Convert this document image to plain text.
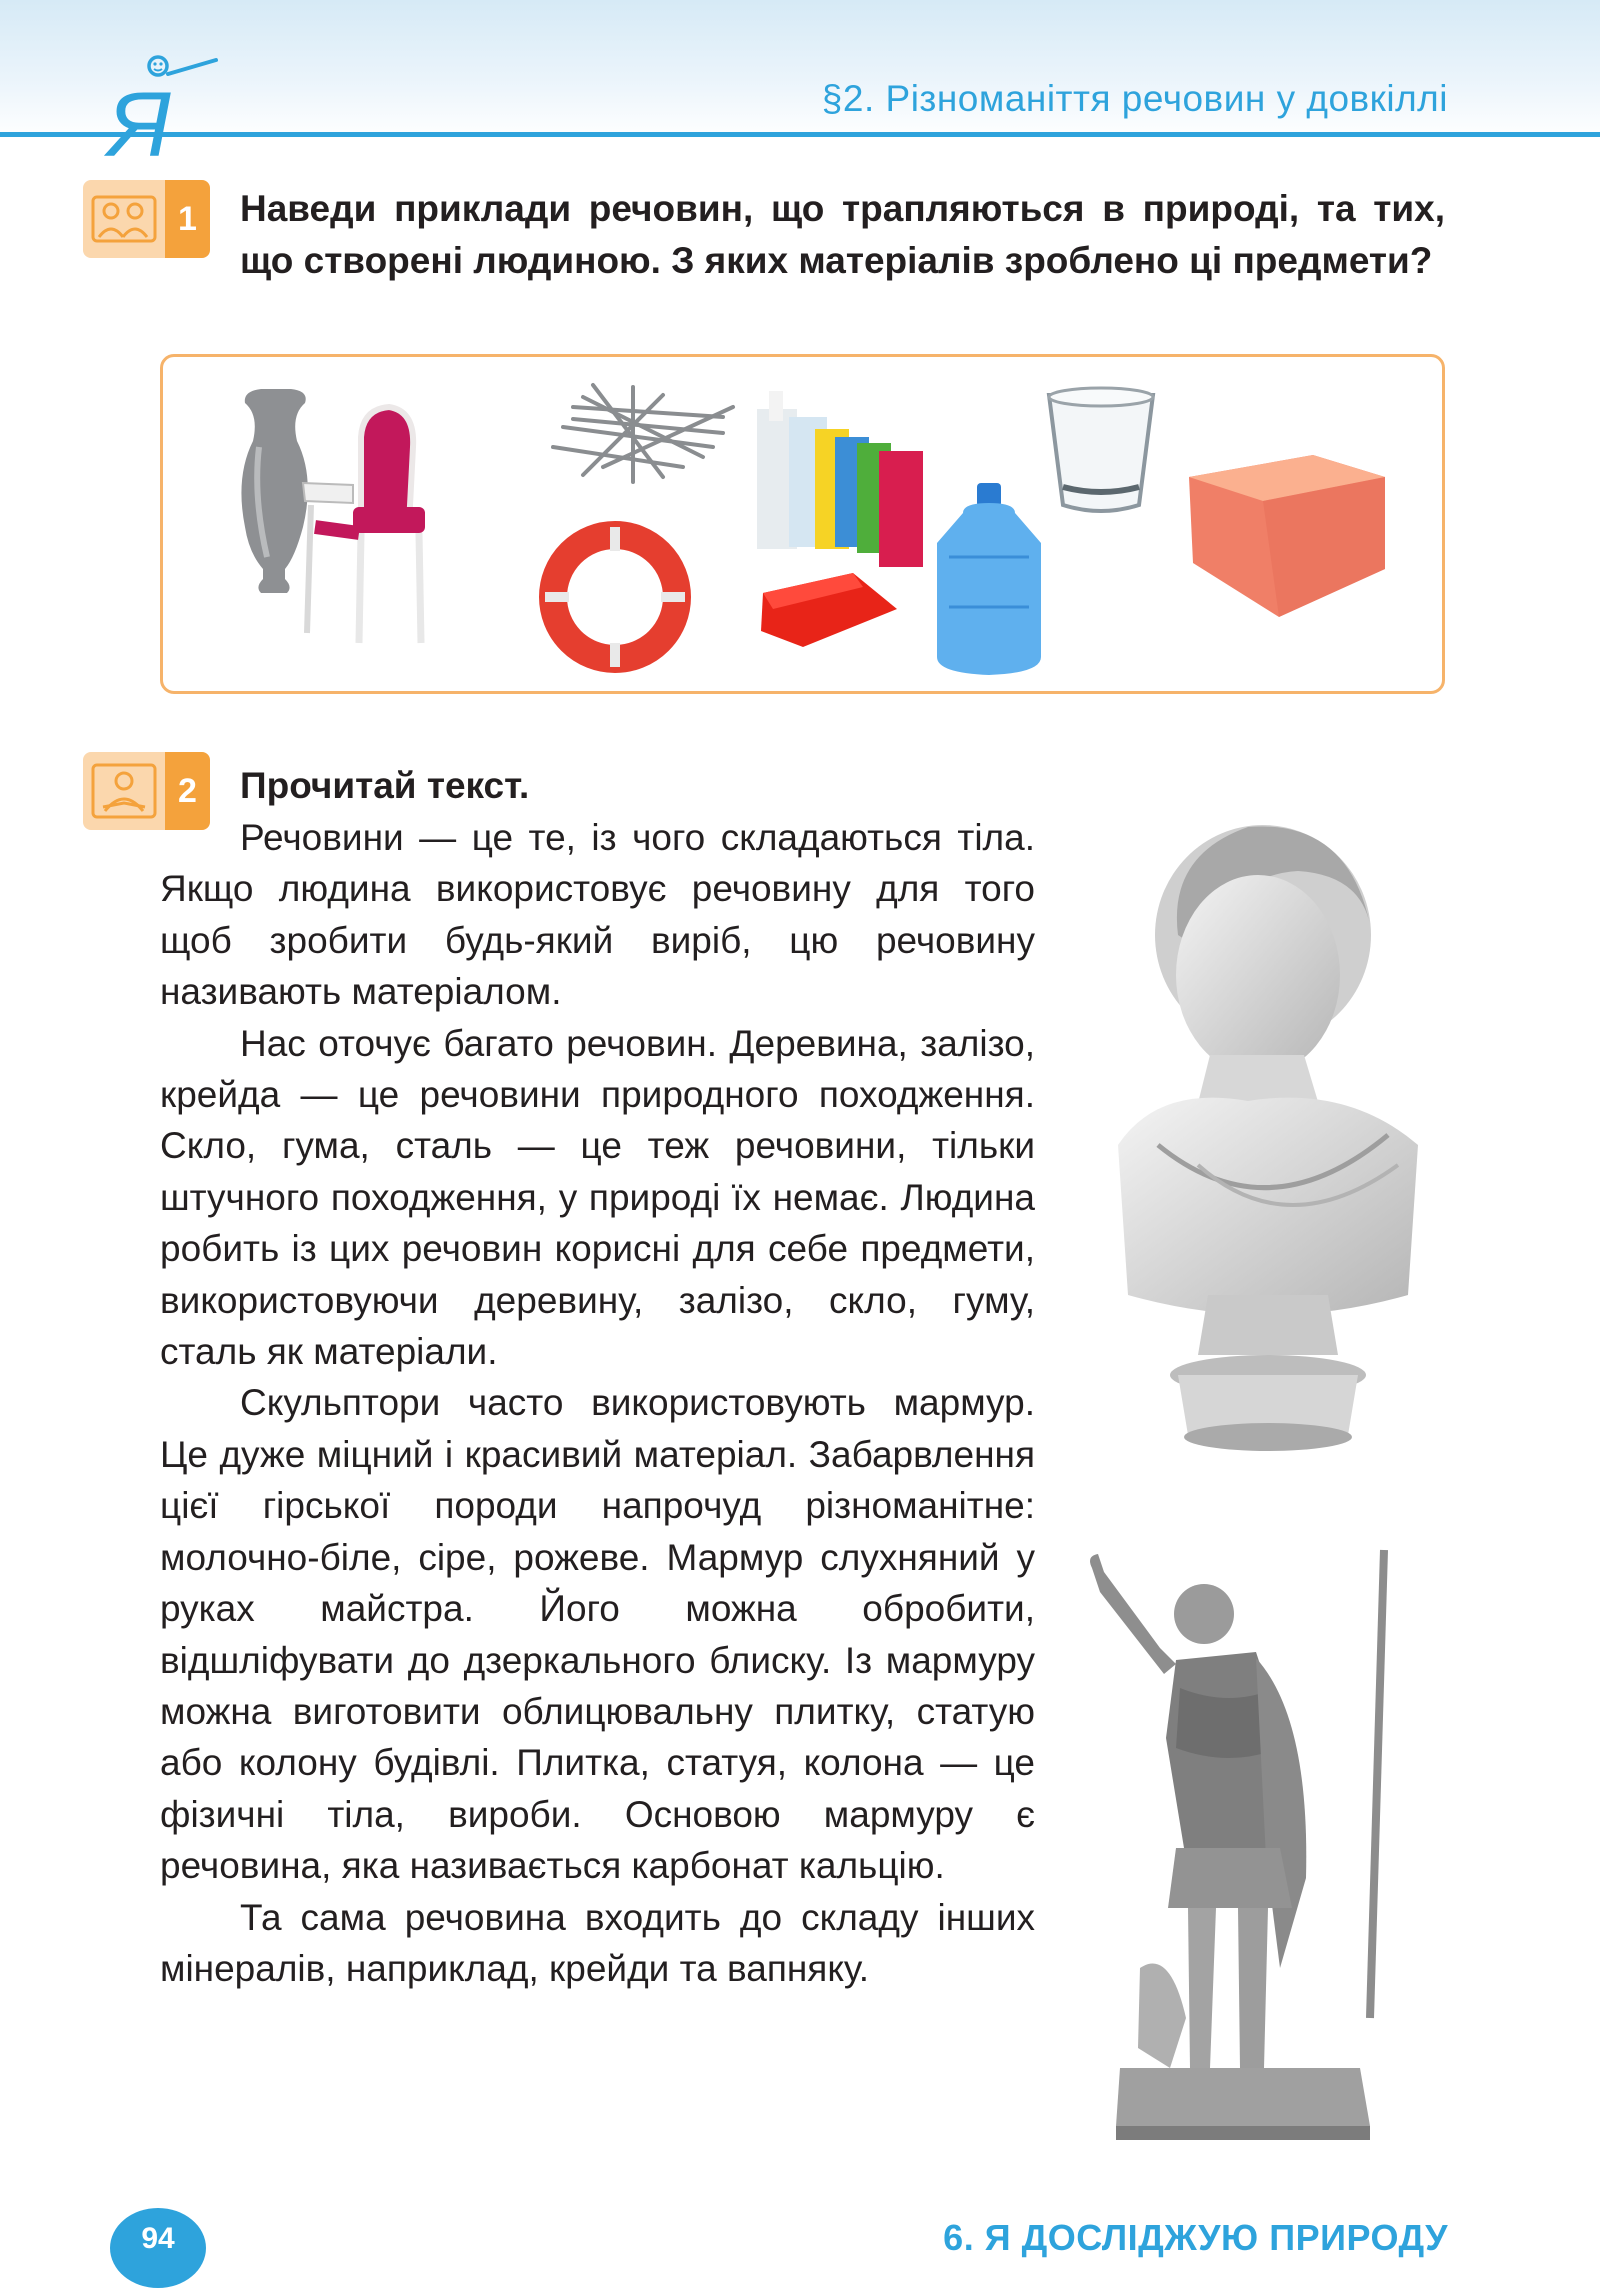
Я	§2. Різноманіття речовин у довкіллі
1	Наведи приклади речовин, що трапляються в природі, та тих, що створені людиною. З яких матеріалів зроблено ці предмети?
2	Прочитай текст.

Речовини — це те, із чого складаються тіла. Якщо людина використовує речовину для того щоб зробити будь-який виріб, цю речовину називають матеріалом.

Нас оточує багато речовин. Деревина, залізо, крейда — це речовини природного походження. Скло, гума, сталь — це теж речовини, тільки штучного походження, у природі їх немає. Людина робить із цих речовин корисні для себе предмети, використовуючи деревину, залізо, скло, гуму, сталь як матеріали.

Скульптори часто використовують мармур. Це дуже міцний і красивий матеріал. Забарвлення цієї гірської породи напрочуд різноманітне: молочно-біле, сіре, рожеве. Мармур слухняний у руках майстра. Його можна обробити, відшліфувати до дзеркального блиску. Із мармуру можна виготовити облицювальну плитку, статую або колону будівлі. Плитка, статуя, колона — це фізичні тіла, вироби. Основою мармуру є речовина, яка називається карбонат кальцію.

Та сама речовина входить до складу інших мінералів, наприклад, крейди та вапняку.

94	6. Я ДОСЛІДЖУЮ ПРИРОДУ
